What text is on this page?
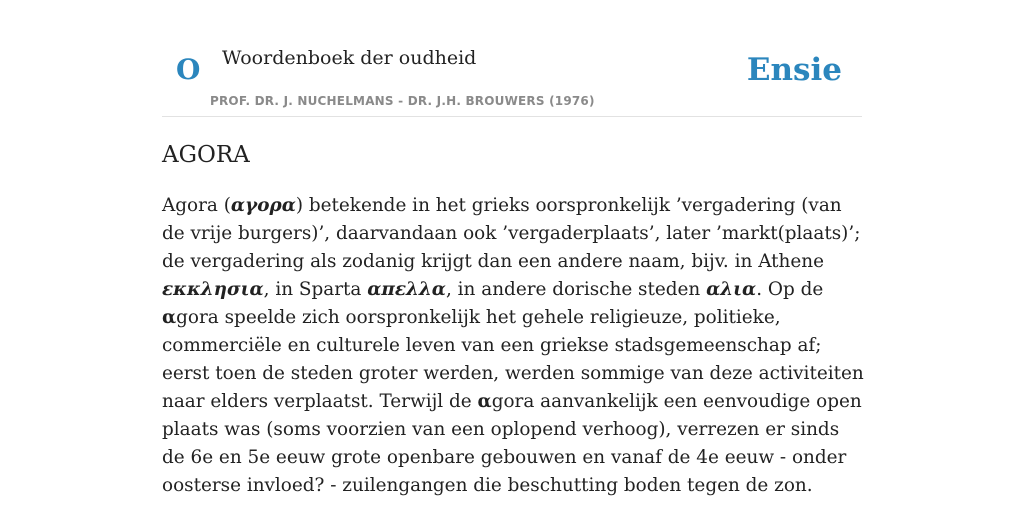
O Woordenboek der oudheid
PROF. DR. J. NUCHELMANS - DR. J.H. BROUWERS (1976)
Ensie
AGORA

Agora (αγορα) betekende in het grieks oorspronkelijk ’vergadering (van de vrije burgers)’, daarvandaan ook ’vergaderplaats’, later ’markt(plaats)’; de vergadering als zodanig krijgt dan een andere naam, bijv. in Athene εκκλησια, in Sparta απελλα, in andere dorische steden αλια. Op de αgora speelde zich oorspronkelijk het gehele religieuze, politieke, commerciële en culturele leven van een griekse stadsgemeenschap af; eerst toen de steden groter werden, werden sommige van deze activiteiten naar elders verplaatst. Terwijl de αgora aanvankelijk een eenvoudige open plaats was (soms voorzien van een oplopend verhoog), verrezen er sinds de 6e en 5e eeuw grote openbare gebouwen en vanaf de 4e eeuw - onder oosterse invloed? - zuilengangen die beschutting boden tegen de zon.
